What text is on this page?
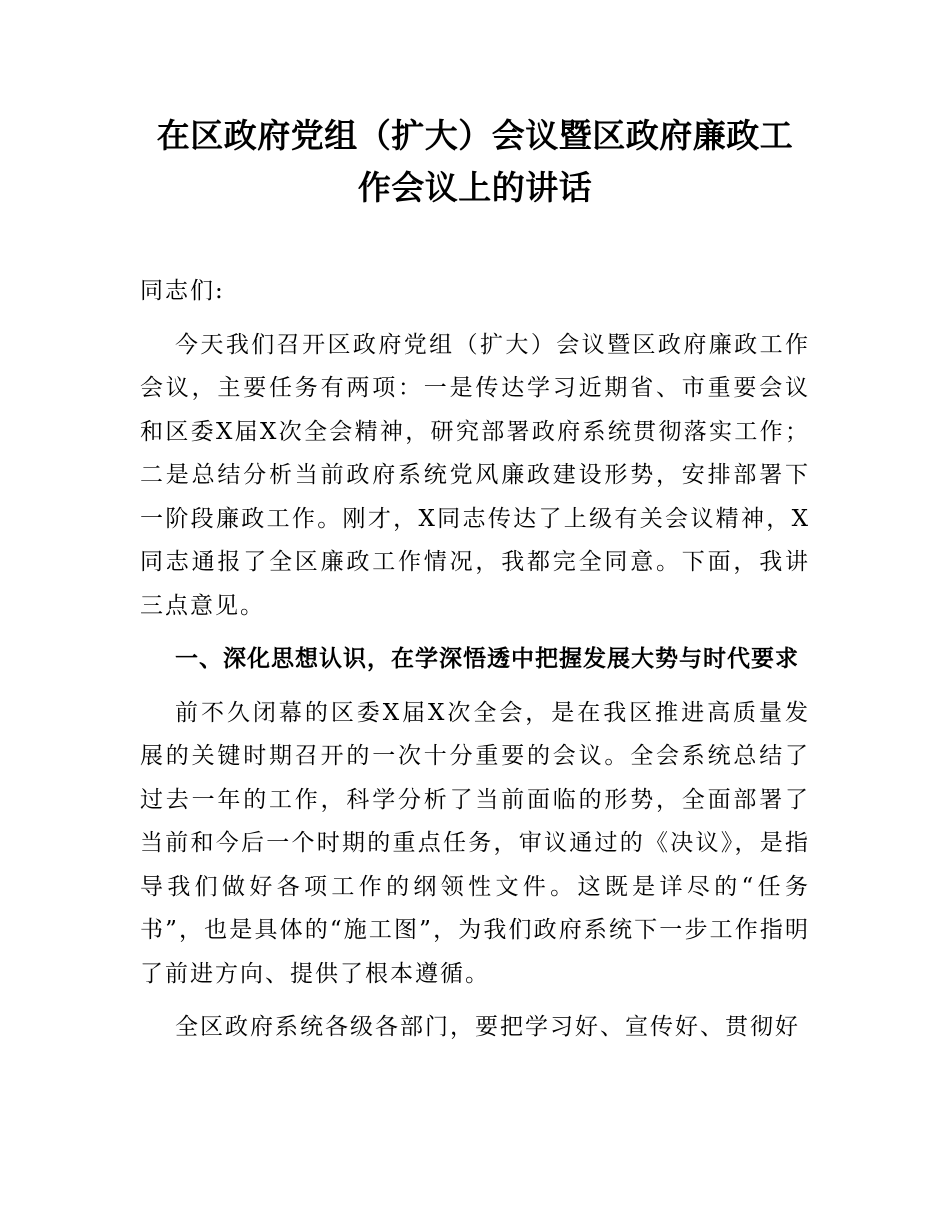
在区政府党组（扩大）会议暨区政府廉政工
作会议上的讲话

同志们:

今天我们召开区政府党组（扩大）会议暨区政府廉政工作会议，主要任务有两项：一是传达学习近期省、市重要会议和区委X届X次全会精神，研究部署政府系统贯彻落实工作；二是总结分析当前政府系统党风廉政建设形势，安排部署下一阶段廉政工作。刚才，X同志传达了上级有关会议精神，X同志通报了全区廉政工作情况，我都完全同意。下面，我讲三点意见。

一、深化思想认识，在学深悟透中把握发展大势与时代要求

前不久闭幕的区委X届X次全会，是在我区推进高质量发展的关键时期召开的一次十分重要的会议。全会系统总结了过去一年的工作，科学分析了当前面临的形势，全面部署了当前和今后一个时期的重点任务，审议通过的《决议》，是指导我们做好各项工作的纲领性文件。这既是详尽的“任务书”，也是具体的“施工图”，为我们政府系统下一步工作指明了前进方向、提供了根本遵循。

全区政府系统各级各部门，要把学习好、宣传好、贯彻好
